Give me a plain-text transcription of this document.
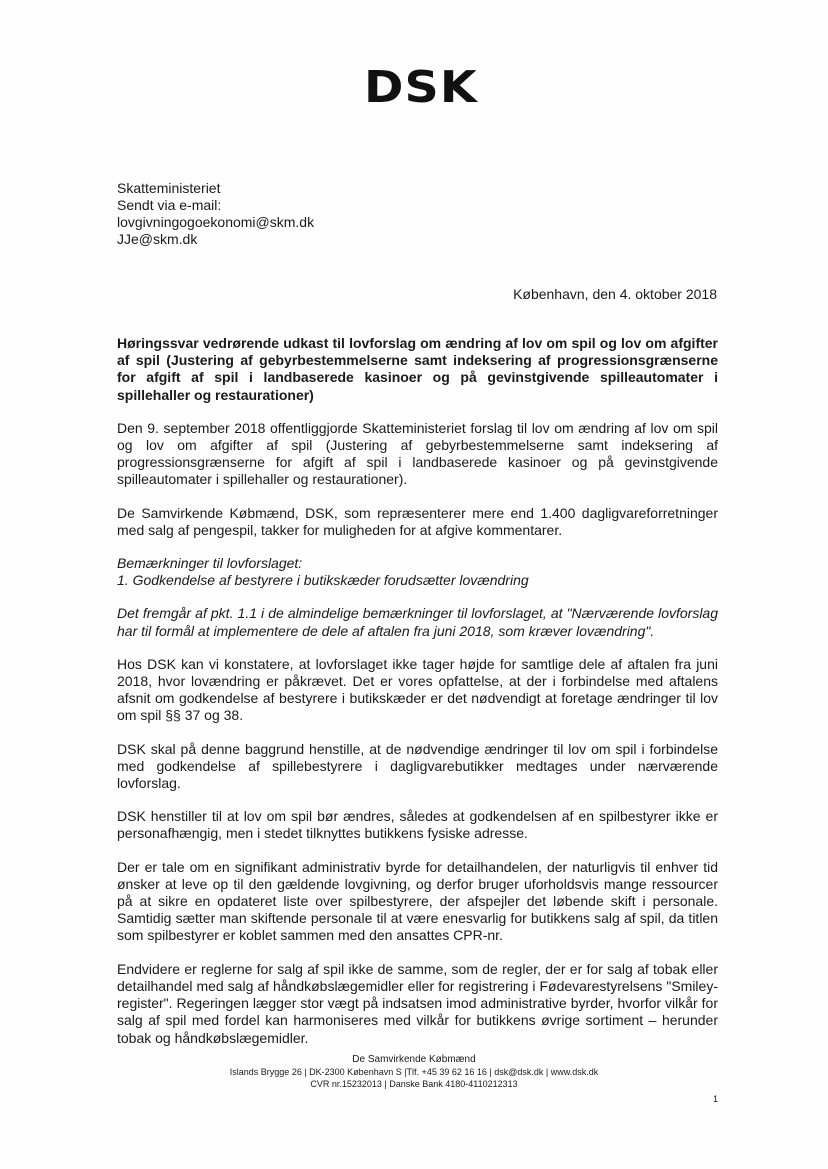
DSK
Skatteministeriet
Sendt via e-mail:
lovgivningogoekonomi@skm.dk
JJe@skm.dk
København, den 4. oktober 2018

Høringssvar vedrørende udkast til lovforslag om ændring af lov om spil og lov om afgifter af spil (Justering af gebyrbestemmelserne samt indeksering af progressionsgrænserne for afgift af spil i landbaserede kasinoer og på gevinstgivende spilleautomater i spillehaller og restaurationer)

Den 9. september 2018 offentliggjorde Skatteministeriet forslag til lov om ændring af lov om spil og lov om afgifter af spil (Justering af gebyrbestemmelserne samt indeksering af progressionsgrænserne for afgift af spil i landbaserede kasinoer og på gevinstgivende spilleautomater i spillehaller og restaurationer).

De Samvirkende Købmænd, DSK, som repræsenterer mere end 1.400 dagligvareforretninger med salg af pengespil, takker for muligheden for at afgive kommentarer.

Bemærkninger til lovforslaget:
1. Godkendelse af bestyrere i butikskæder forudsætter lovændring

Det fremgår af pkt. 1.1 i de almindelige bemærkninger til lovforslaget, at "Nærværende lovforslag har til formål at implementere de dele af aftalen fra juni 2018, som kræver lovændring".

Hos DSK kan vi konstatere, at lovforslaget ikke tager højde for samtlige dele af aftalen fra juni 2018, hvor lovændring er påkrævet. Det er vores opfattelse, at der i forbindelse med aftalens afsnit om godkendelse af bestyrere i butikskæder er det nødvendigt at foretage ændringer til lov om spil §§ 37 og 38.

DSK skal på denne baggrund henstille, at de nødvendige ændringer til lov om spil i forbindelse med godkendelse af spillebestyrere i dagligvarebutikker medtages under nærværende lovforslag.

DSK henstiller til at lov om spil bør ændres, således at godkendelsen af en spilbestyrer ikke er personafhængig, men i stedet tilknyttes butikkens fysiske adresse.

Der er tale om en signifikant administrativ byrde for detailhandelen, der naturligvis til enhver tid ønsker at leve op til den gældende lovgivning, og derfor bruger uforholdsvis mange ressourcer på at sikre en opdateret liste over spilbestyrere, der afspejler det løbende skift i personale. Samtidig sætter man skiftende personale til at være enesvarlig for butikkens salg af spil, da titlen som spilbestyrer er koblet sammen med den ansattes CPR-nr.

Endvidere er reglerne for salg af spil ikke de samme, som de regler, der er for salg af tobak eller detailhandel med salg af håndkøbslægemidler eller for registrering i Fødevarestyrelsens "Smiley-register". Regeringen lægger stor vægt på indsatsen imod administrative byrder, hvorfor vilkår for salg af spil med fordel kan harmoniseres med vilkår for butikkens øvrige sortiment – herunder tobak og håndkøbslægemidler.

De Samvirkende Købmænd
Islands Brygge 26 | DK-2300 København S |Tlf. +45 39 62 16 16 | dsk@dsk.dk | www.dsk.dk
CVR nr.15232013 | Danske Bank 4180-4110212313
1
